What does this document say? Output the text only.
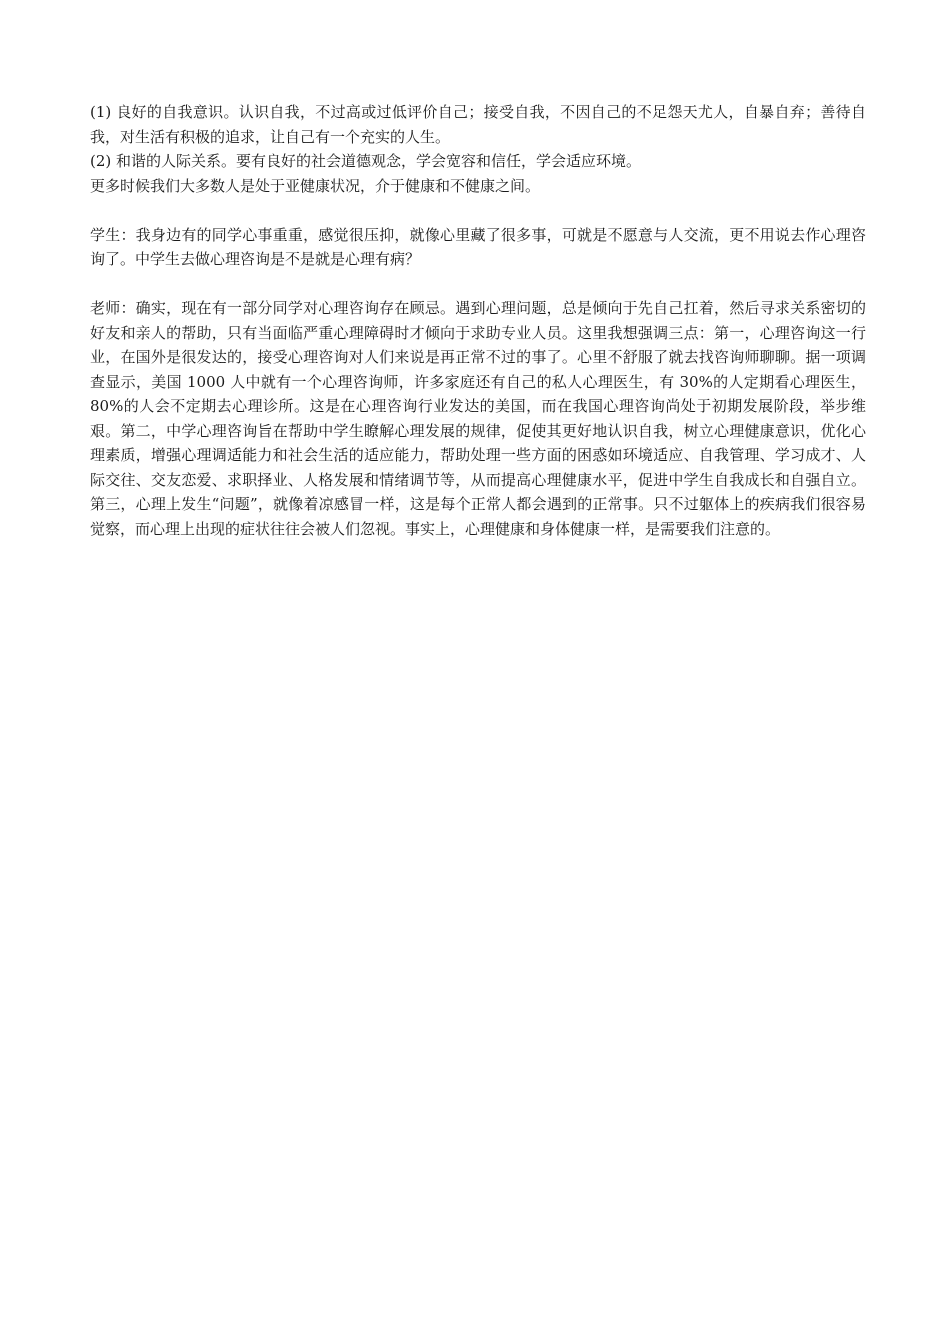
(1) 良好的自我意识。认识自我，不过高或过低评价自己；接受自我，不因自己的不足怨天尤人，自暴自弃；善待自我，对生活有积极的追求，让自己有一个充实的人生。

(2) 和谐的人际关系。要有良好的社会道德观念，学会宽容和信任，学会适应环境。

更多时候我们大多数人是处于亚健康状况，介于健康和不健康之间。

学生：我身边有的同学心事重重，感觉很压抑，就像心里藏了很多事，可就是不愿意与人交流，更不用说去作心理咨询了。中学生去做心理咨询是不是就是心理有病？

老师：确实，现在有一部分同学对心理咨询存在顾忌。遇到心理问题，总是倾向于先自己扛着，然后寻求关系密切的好友和亲人的帮助，只有当面临严重心理障碍时才倾向于求助专业人员。这里我想强调三点：第一，心理咨询这一行业，在国外是很发达的，接受心理咨询对人们来说是再正常不过的事了。心里不舒服了就去找咨询师聊聊。据一项调查显示，美国 1000 人中就有一个心理咨询师，许多家庭还有自己的私人心理医生，有 30%的人定期看心理医生，80%的人会不定期去心理诊所。这是在心理咨询行业发达的美国，而在我国心理咨询尚处于初期发展阶段，举步维艰。第二，中学心理咨询旨在帮助中学生瞭解心理发展的规律，促使其更好地认识自我，树立心理健康意识，优化心理素质，增强心理调适能力和社会生活的适应能力，帮助处理一些方面的困惑如环境适应、自我管理、学习成才、人际交往、交友恋爱、求职择业、人格发展和情绪调节等，从而提高心理健康水平，促进中学生自我成长和自强自立。第三，心理上发生“问题”，就像着凉感冒一样，这是每个正常人都会遇到的正常事。只不过躯体上的疾病我们很容易觉察，而心理上出现的症状往往会被人们忽视。事实上，心理健康和身体健康一样，是需要我们注意的。
